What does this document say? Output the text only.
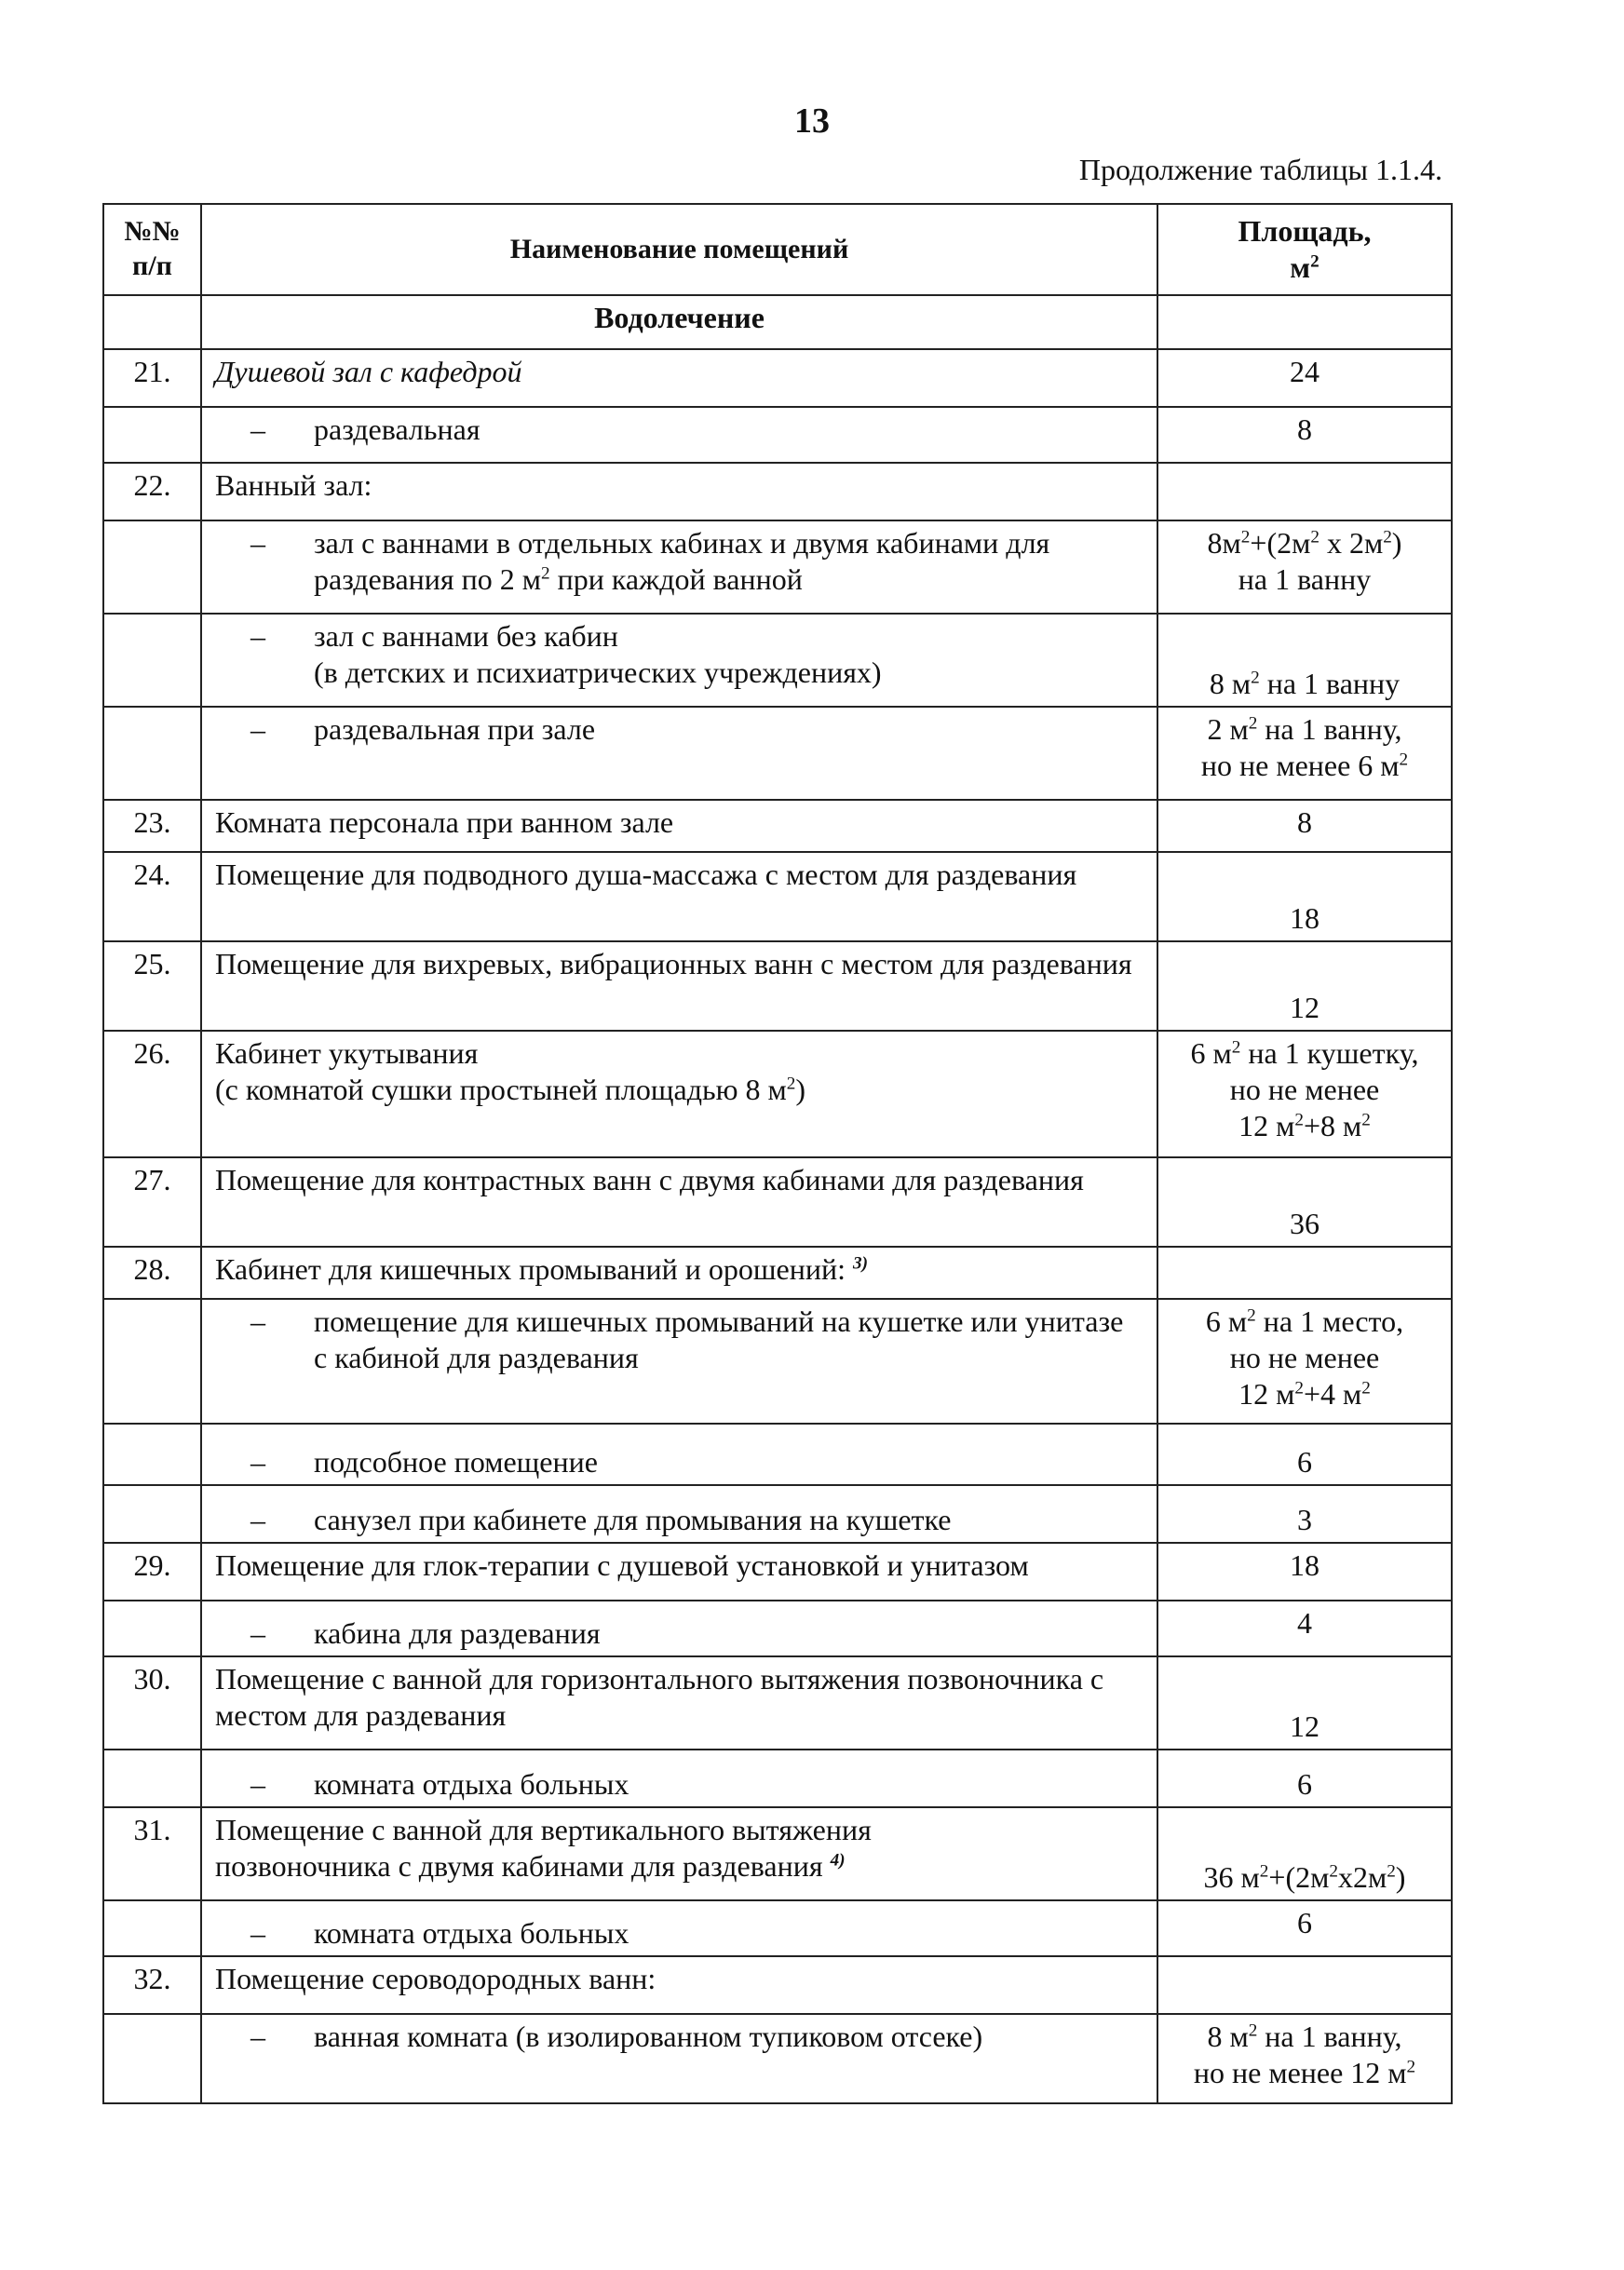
13
Продолжение таблицы 1.1.4.
№№
п/п	Наименование помещений	Площадь,
$м^2$
	Водолечение	
21.	Душевой зал с кафедрой	24

	– раздевальная	8
22.	Ванный зал:	

	– зал с ваннами в отдельных кабинах и двумя кабинами для раздевания по 2 $м^2$ при каждой ванной	$8м^2+(2м^2$ x $2м^2$)
на 1 ванну

	– зал с ваннами без кабин
(в детских и психиатрических учреждениях)	8 $м^2$ на 1 ванну

	– раздевальная при зале	2 $м^2$ на 1 ванну,
но не менее 6 $м^2$
23.	Комната персонала при ванном зале	8
24.	Помещение для подводного душа-массажа с местом для раздевания	18
25.	Помещение для вихревых, вибрационных ванн с местом для раздевания	12
26.	Кабинет укутывания
(с комнатой сушки простыней площадью 8 $м^2$)	6 $м^2$ на 1 кушетку,
но не менее
12 $м^2+8$ $м^2$
27.	Помещение для контрастных ванн с двумя кабинами для раздевания	36
28.	Кабинет для кишечных промываний и орошений: $^{3)}$	

	– помещение для кишечных промываний на кушетке или унитазе с кабиной для раздевания	6 $м^2$ на 1 место,
но не менее
12 $м^2+4$ $м^2$

	– подсобное помещение	6

	– санузел при кабинете для промывания на кушетке	3
29.	Помещение для глок-терапии с душевой установкой и унитазом	18

	– кабина для раздевания	4
30.	Помещение с ванной для горизонтального вытяжения позвоночника с местом для раздевания	12

	– комната отдыха больных	6
31.	Помещение с ванной для вертикального вытяжения
позвоночника с двумя кабинами для раздевания $^{4)}$	36 $м^2+(2м^2х2м^2)$

	– комната отдыха больных	6
32.	Помещение сероводородных ванн:	

	– ванная комната (в изолированном тупиковом отсеке)	8 $м^2$ на 1 ванну,
но не менее 12 $м^2$
